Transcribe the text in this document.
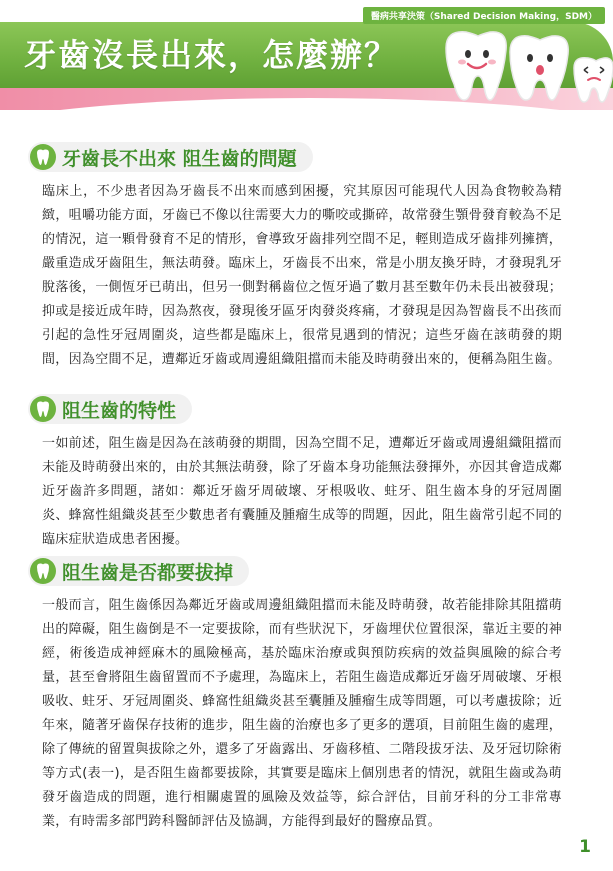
醫病共享決策（Shared Decision Making，SDM）
牙齒沒長出來，怎麼辦？
牙齒長不出來 阻生齒的問題

臨床上，不少患者因為牙齒長不出來而感到困擾，究其原因可能現代人因為食物較為精緻，咀嚼功能方面，牙齒已不像以往需要大力的嘶咬或撕碎，故常發生顎骨發育較為不足的情況，這一顆骨發育不足的情形，會導致牙齒排列空間不足，輕則造成牙齒排列擁擠，嚴重造成牙齒阻生，無法萌發。臨床上，牙齒長不出來，常是小朋友換牙時，才發現乳牙脫落後，一側恆牙已萌出，但另一側對稱齒位之恆牙過了數月甚至數年仍未長出被發現；抑或是接近成年時，因為熬夜，發現後牙區牙肉發炎疼痛，才發現是因為智齒長不出孩而引起的急性牙冠周圍炎，這些都是臨床上，很常見遇到的情況；這些牙齒在該萌發的期間，因為空間不足，遭鄰近牙齒或周邊組織阻擋而未能及時萌發出來的，便稱為阻生齒。

阻生齒的特性

一如前述，阻生齒是因為在該萌發的期間，因為空間不足，遭鄰近牙齒或周邊組織阻擋而未能及時萌發出來的，由於其無法萌發，除了牙齒本身功能無法發揮外，亦因其會造成鄰近牙齒許多問題，諸如：鄰近牙齒牙周破壞、牙根吸收、蛀牙、阻生齒本身的牙冠周圍炎、蜂窩性組織炎甚至少數患者有囊腫及腫瘤生成等的問題，因此，阻生齒常引起不同的臨床症狀造成患者困擾。

阻生齒是否都要拔掉

一般而言，阻生齒係因為鄰近牙齒或周邊組織阻擋而未能及時萌發，故若能排除其阻擋萌出的障礙，阻生齒倒是不一定要拔除，而有些狀況下，牙齒埋伏位置很深，靠近主要的神經，術後造成神經麻木的風險極高，基於臨床治療或與預防疾病的效益與風險的綜合考量，甚至會將阻生齒留置而不予處理，為臨床上，若阻生齒造成鄰近牙齒牙周破壞、牙根吸收、蛀牙、牙冠周圍炎、蜂窩性組織炎甚至囊腫及腫瘤生成等問題，可以考慮拔除；近年來，隨著牙齒保存技術的進步，阻生齒的治療也多了更多的選項，目前阻生齒的處理，除了傳統的留置與拔除之外，還多了牙齒露出、牙齒移植、二階段拔牙法、及牙冠切除術等方式(表一)，是否阻生齒都要拔除，其實要是臨床上個別患者的情況，就阻生齒或為萌發牙齒造成的問題，進行相關處置的風險及效益等，綜合評估，目前牙科的分工非常專業，有時需多部門跨科醫師評估及協調，方能得到最好的醫療品質。

1
